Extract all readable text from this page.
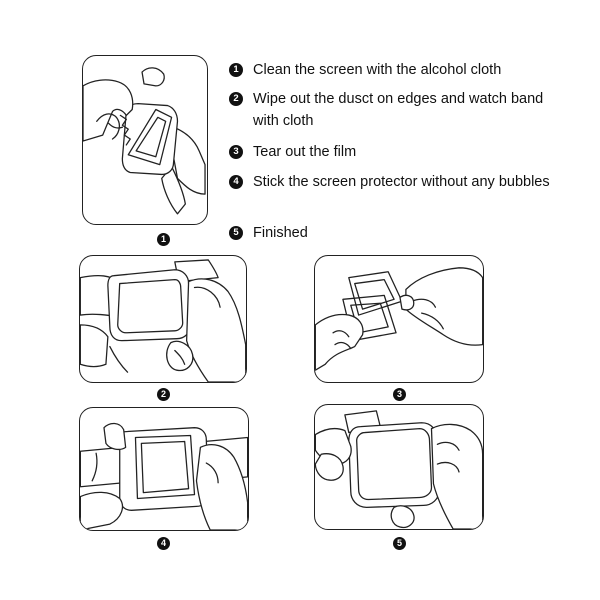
1 Clean the screen with the alcohol cloth
2 Wipe out the dusct on edges and watch band with cloth
3 Tear out the film
4 Stick the screen protector without any bubbles
5 Finished
1
2	3
4	5
